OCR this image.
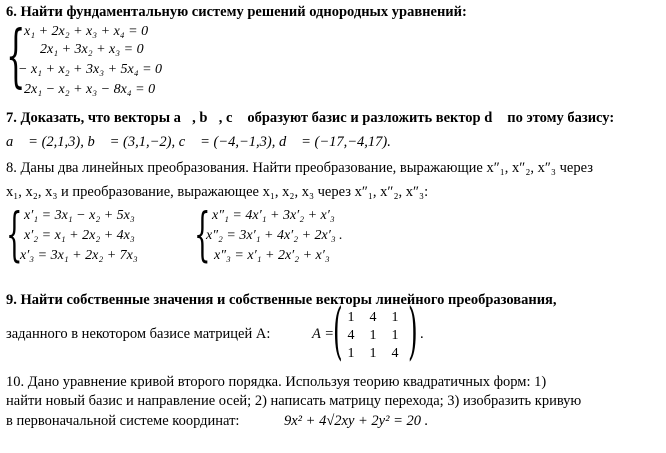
6. Найти фундаментальную систему решений однородных уравнений:
{
x₁ + 2x₂ + x₃ + x₄ = 0
2x₁ + 3x₂ + x₃ = 0
− x₁ + x₂ + 3x₃ + 5x₄ = 0
2x₁ − x₂ + x₃ − 8x₄ = 0
7. Доказать, что векторы a⃗, b⃗, c⃗ образуют базис и разложить вектор d⃗ по этому базису:
a⃗ = (2,1,3), b⃗ = (3,1,−2), c⃗ = (−4,−1,3), d⃗ = (−17,−4,17).
8. Даны два линейных преобразования. Найти преобразование, выражающие x″₁, x″₂, x″₃ через
x₁, x₂, x₃ и преобразование, выражающее x₁, x₂, x₃ через x″₁, x″₂, x″₃:
{ x′₁ = 3x₁ − x₂ + 5x₃
x′₂ = x₁ + 2x₂ + 4x₃
x′₃ = 3x₁ + 2x₂ + 7x₃ { x″₁ = 4x′₁ + 3x′₂ + x′₃
x″₂ = 3x′₁ + 4x′₂ + 2x′₃ .
x″₃ = x′₁ + 2x′₂ + x′₃
9. Найти собственные значения и собственные векторы линейного преобразования,
заданного в некотором базисе матрицей A:	A =
( 1	4	1
4	1	1
1	1	4 ) .
10. Дано уравнение кривой второго порядка. Используя теорию квадратичных форм: 1)
найти новый базис и направление осей; 2) написать матрицу перехода; 3) изобразить кривую
в первоначальной системе координат:	9x² + 4√2xy + 2y² = 20 .
